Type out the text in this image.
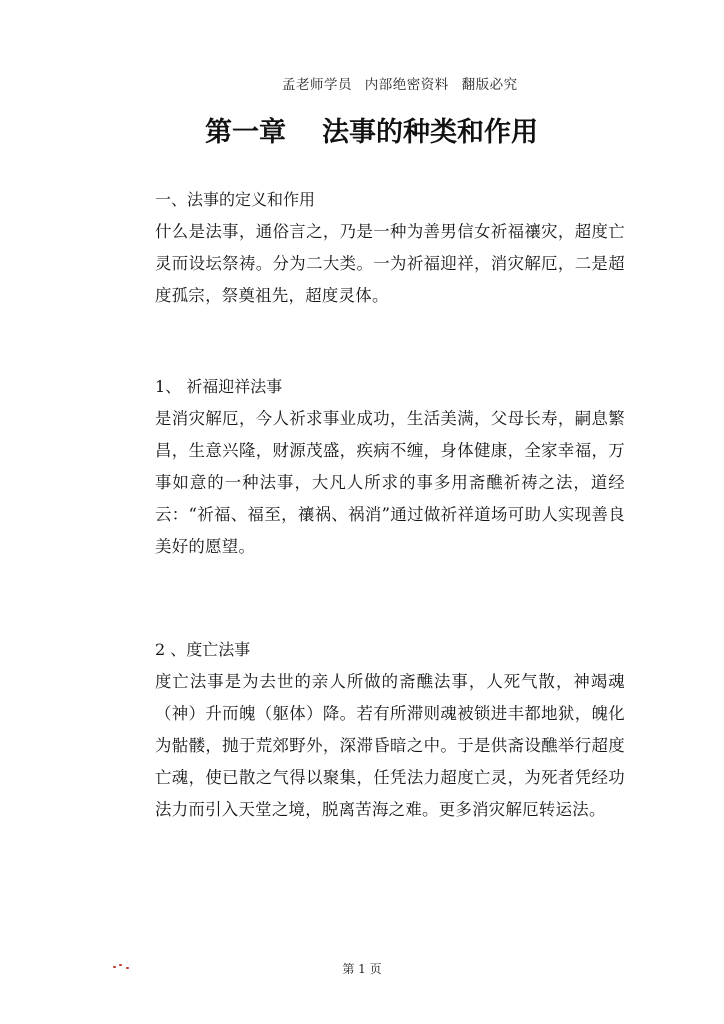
孟老师学员 内部绝密资料 翻版必究
第一章 法事的种类和作用

一、法事的定义和作用

什么是法事，通俗言之，乃是一种为善男信女祈福禳灾，超度亡灵而设坛祭祷。分为二大类。一为祈福迎祥，消灾解厄，二是超度孤宗，祭奠祖先，超度灵体。

1、 祈福迎祥法事

是消灾解厄，今人祈求事业成功，生活美满，父母长寿，嗣息繁昌，生意兴隆，财源茂盛，疾病不缠，身体健康，全家幸福，万事如意的一种法事，大凡人所求的事多用斋醮祈祷之法，道经云：“祈福、福至，禳祸、祸消”通过做祈祥道场可助人实现善良美好的愿望。

2 、度亡法事

度亡法事是为去世的亲人所做的斋醮法事，人死气散，神竭魂（神）升而魄（躯体）降。若有所滞则魂被锁进丰都地狱，魄化为骷髅，抛于荒郊野外，深滞昏暗之中。于是供斋设醮举行超度亡魂，使已散之气得以聚集，任凭法力超度亡灵，为死者凭经功法力而引入天堂之境，脱离苦海之难。更多消灾解厄转运法。

第 1 页
